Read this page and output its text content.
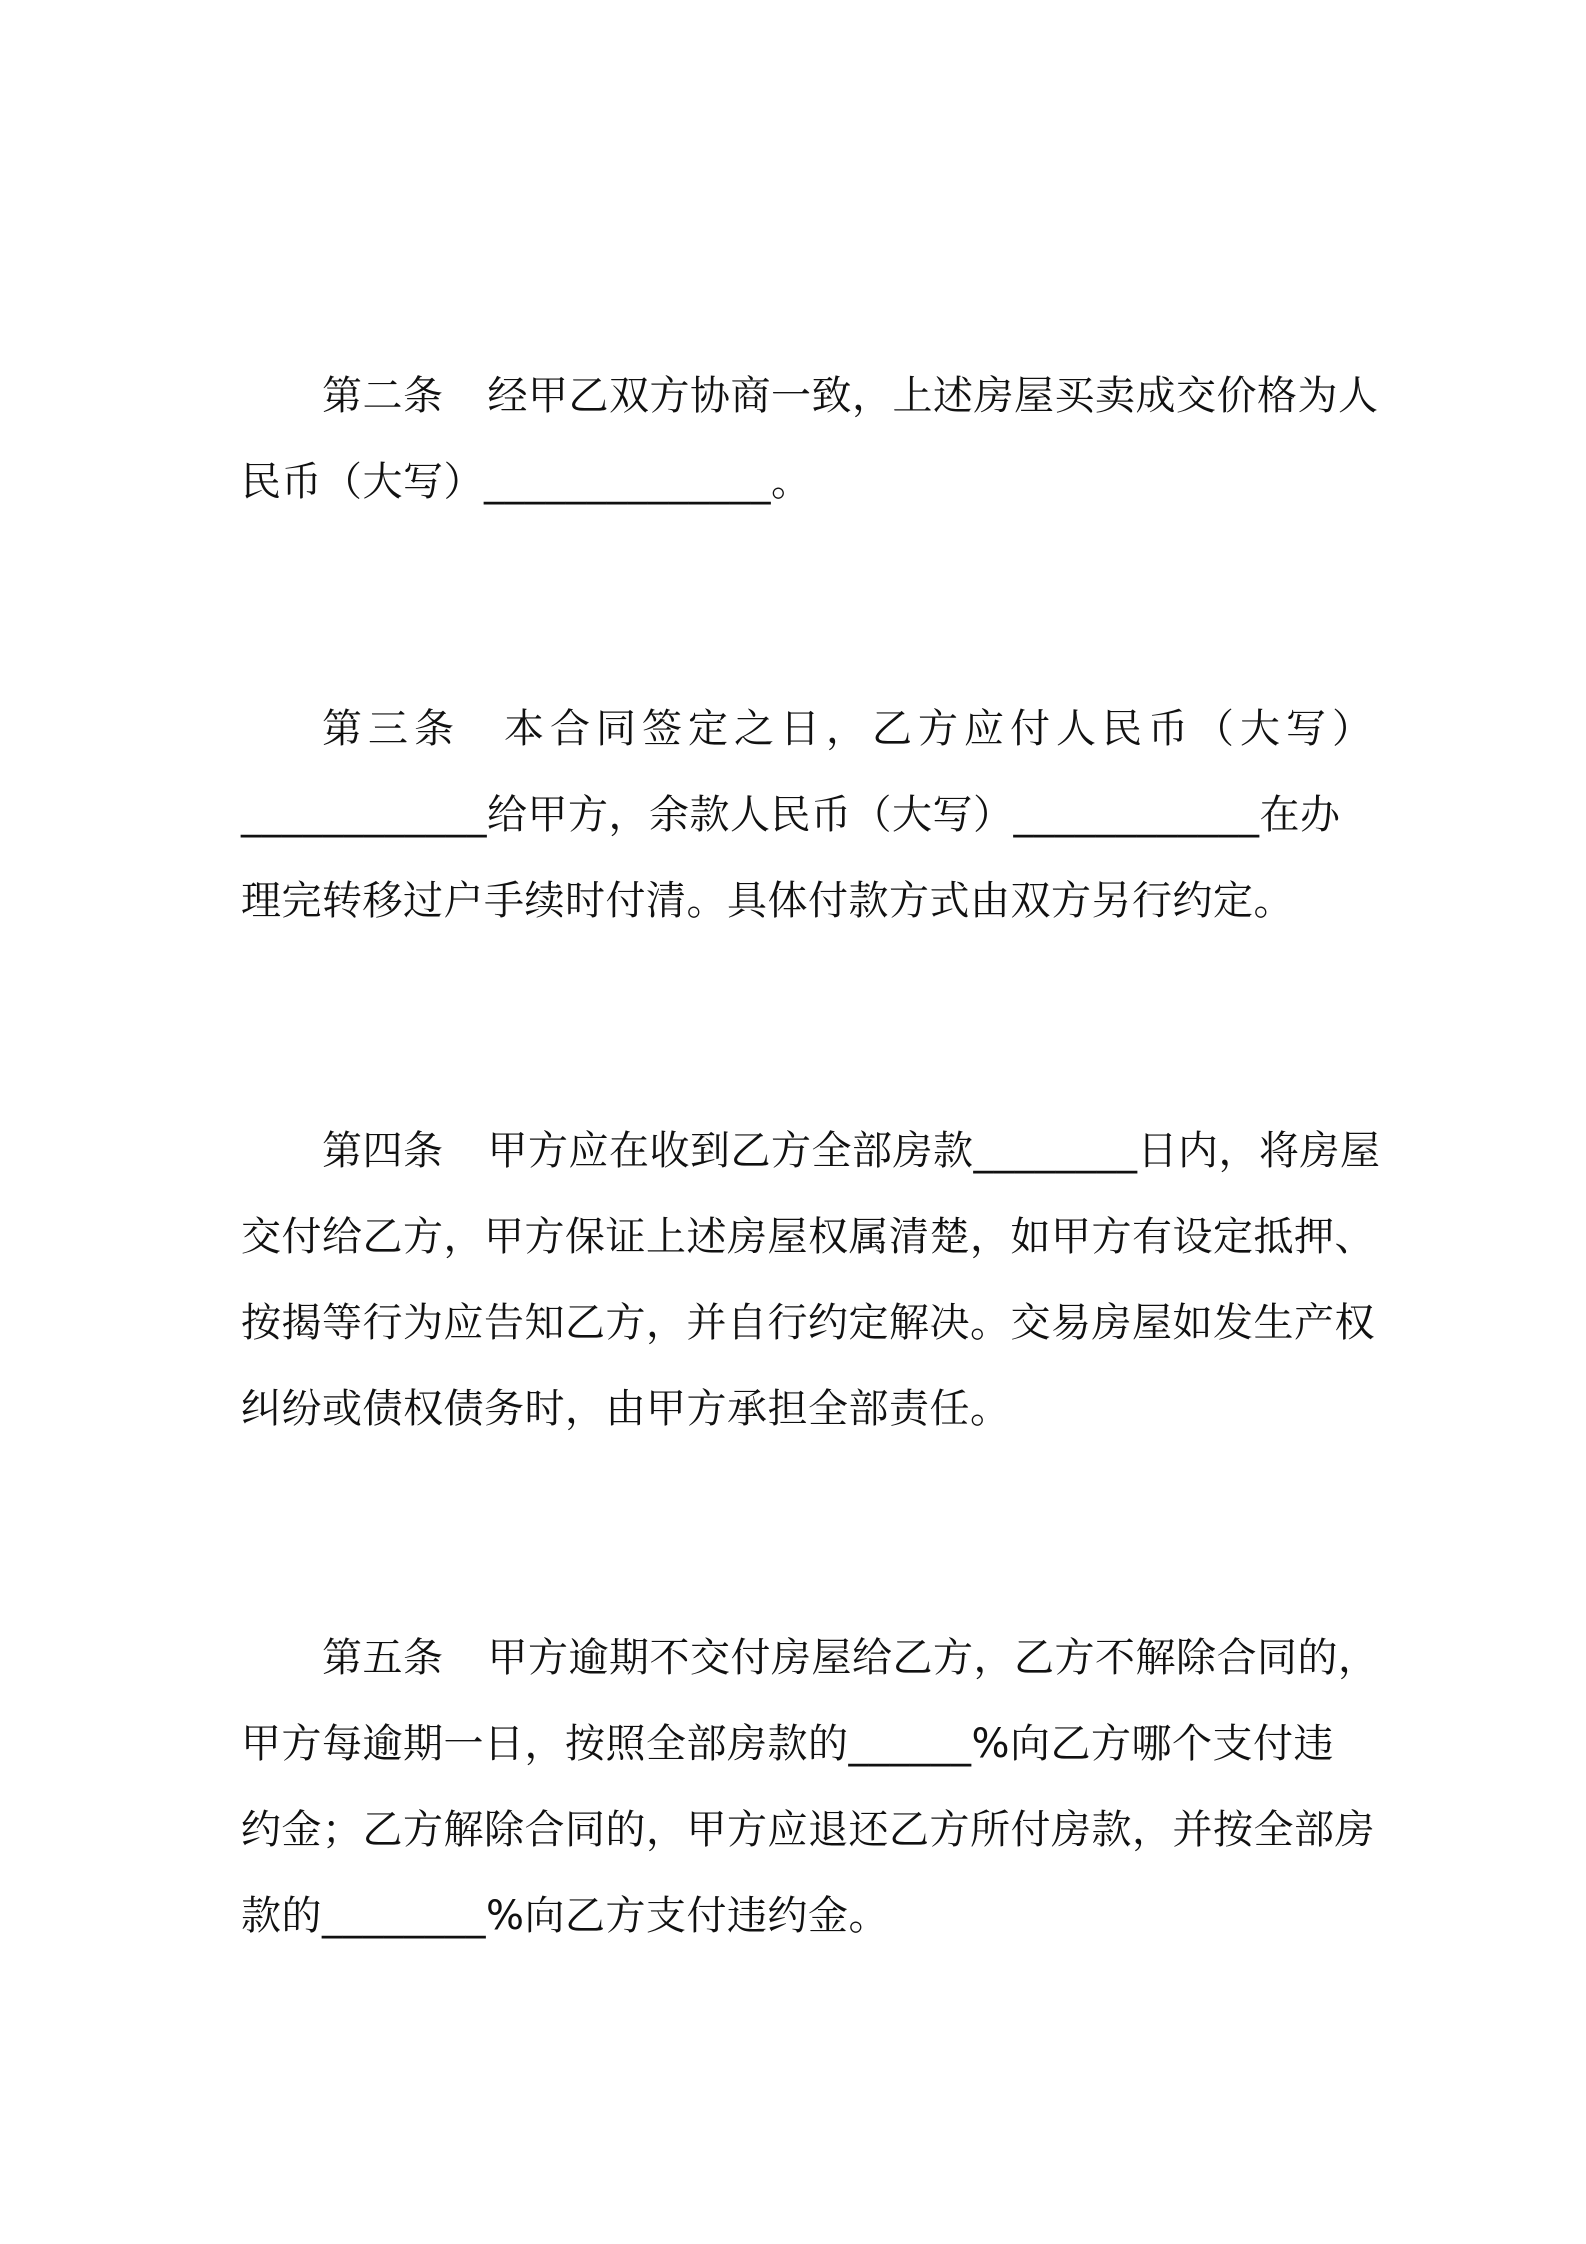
第二条 经甲乙双方协商一致，上述房屋买卖成交价格为人
民币（大写）______________。
第三条 本合同签定之日，乙方应付人民币（大写）
____________给甲方，余款人民币（大写）____________在办
理完转移过户手续时付清。具体付款方式由双方另行约定。
第四条 甲方应在收到乙方全部房款________日内，将房屋
交付给乙方，甲方保证上述房屋权属清楚，如甲方有设定抵押、
按揭等行为应告知乙方，并自行约定解决。交易房屋如发生产权
纠纷或债权债务时，由甲方承担全部责任。
第五条 甲方逾期不交付房屋给乙方，乙方不解除合同的，
甲方每逾期一日，按照全部房款的______%向乙方哪个支付违
约金；乙方解除合同的，甲方应退还乙方所付房款，并按全部房
款的________%向乙方支付违约金。
